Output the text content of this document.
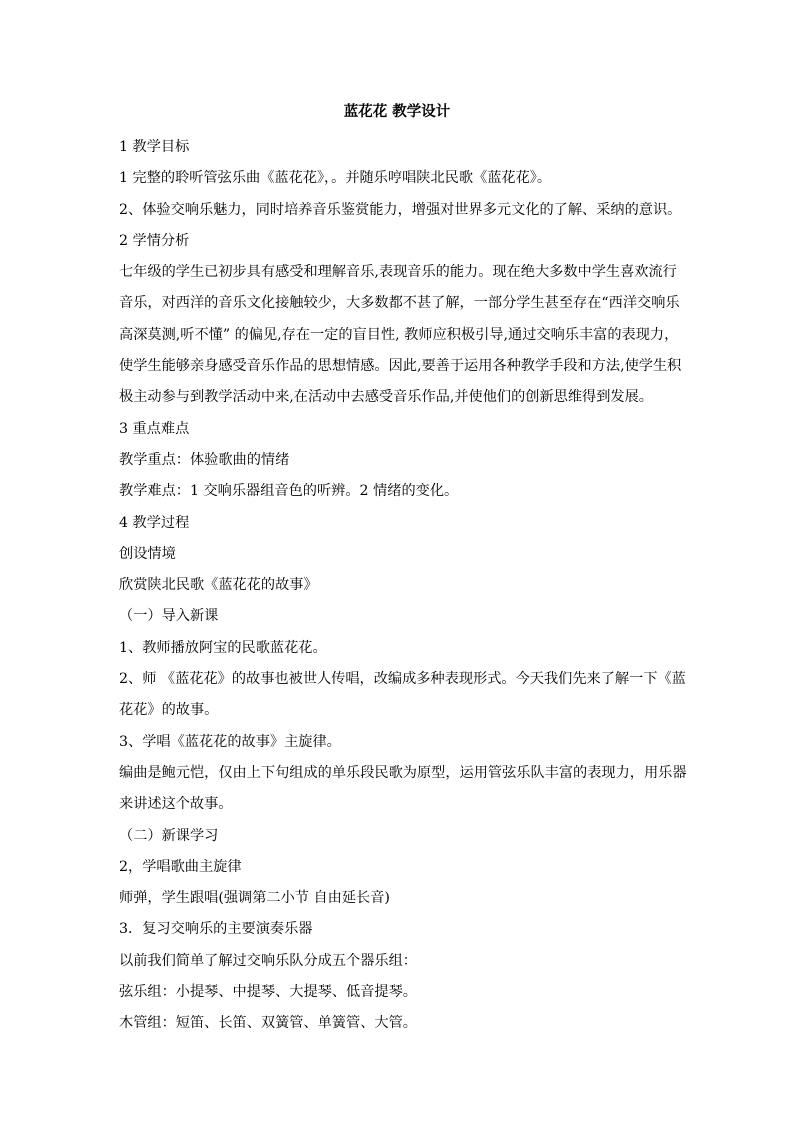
蓝花花 教学设计
1 教学目标
1 完整的聆听管弦乐曲《蓝花花》，。并随乐哼唱陕北民歌《蓝花花》。
2、体验交响乐魅力，同时培养音乐鉴赏能力，增强对世界多元文化的了解、采纳的意识。
2 学情分析
七年级的学生已初步具有感受和理解音乐,表现音乐的能力。现在绝大多数中学生喜欢流行
音乐，对西洋的音乐文化接触较少，大多数都不甚了解，一部分学生甚至存在“西洋交响乐
高深莫测,听不懂” 的偏见,存在一定的盲目性, 教师应积极引导,通过交响乐丰富的表现力，
使学生能够亲身感受音乐作品的思想情感。因此,要善于运用各种教学手段和方法,使学生积
极主动参与到教学活动中来,在活动中去感受音乐作品,并使他们的创新思维得到发展。
3 重点难点
教学重点：体验歌曲的情绪
教学难点：1 交响乐器组音色的听辨。2 情绪的变化。
4 教学过程
创设情境
欣赏陕北民歌《蓝花花的故事》
（一）导入新课
1、教师播放阿宝的民歌蓝花花。
2、师 《蓝花花》的故事也被世人传唱，改编成多种表现形式。今天我们先来了解一下《蓝
花花》的故事。
3、学唱《蓝花花的故事》主旋律。
编曲是鲍元恺，仅由上下句组成的单乐段民歌为原型，运用管弦乐队丰富的表现力，用乐器
来讲述这个故事。
（二）新课学习
2，学唱歌曲主旋律
师弹，学生跟唱(强调第二小节 自由延长音)
3．复习交响乐的主要演奏乐器
以前我们简单了解过交响乐队分成五个器乐组：
弦乐组：小提琴、中提琴、大提琴、低音提琴。
木管组：短笛、长笛、双簧管、单簧管、大管。
